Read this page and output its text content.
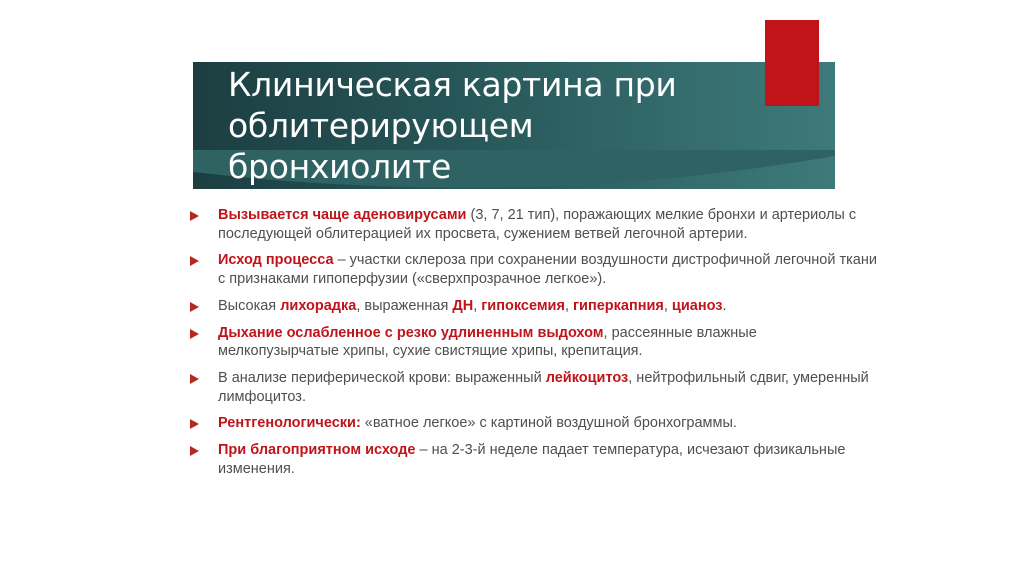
Клиническая картина при
облитерирующем
бронхиолите
Вызывается чаще аденовирусами (3, 7, 21 тип), поражающих мелкие бронхи и артериолы с последующей облитерацией их просвета, сужением ветвей легочной артерии.
Исход процесса – участки склероза при сохранении воздушности дистрофичной легочной ткани с признаками гипоперфузии («сверхпрозрачное легкое»).
Высокая лихорадка, выраженная ДН, гипоксемия, гиперкапния, цианоз.
Дыхание ослабленное с резко удлиненным выдохом, рассеянные влажные мелкопузырчатые хрипы, сухие свистящие хрипы, крепитация.
В анализе периферической крови: выраженный лейкоцитоз, нейтрофильный сдвиг, умеренный лимфоцитоз.
Рентгенологически: «ватное легкое» с картиной воздушной бронхограммы.
При благоприятном исходе – на 2-3-й неделе падает температура, исчезают физикальные изменения.
